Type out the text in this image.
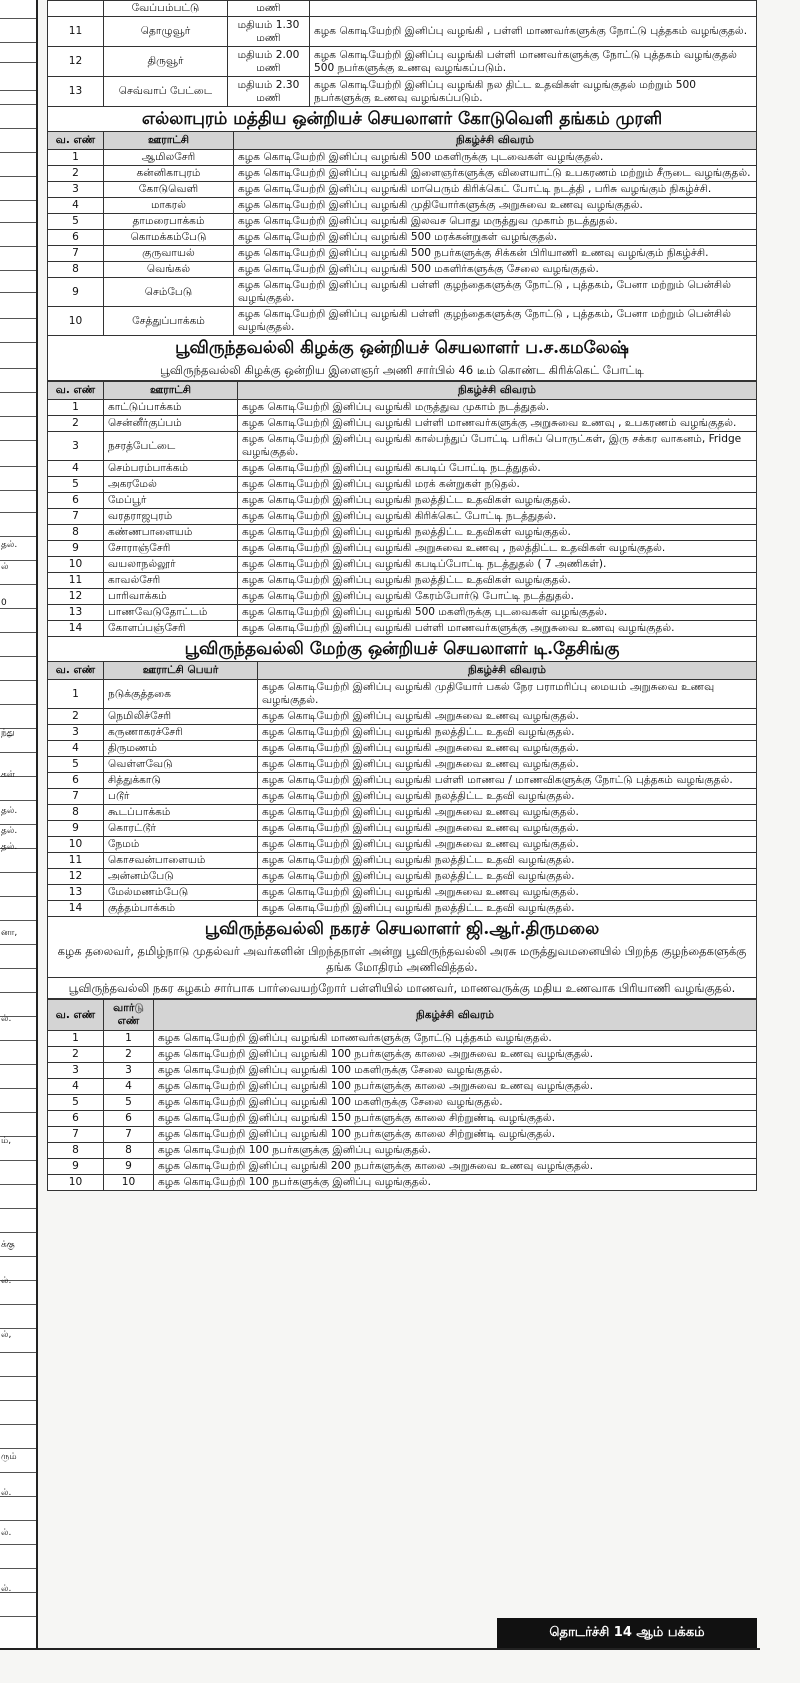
தல்.
ல்
0
ந்து
கள்
தல்.
தல்.
தல்.
னா,
ல்.
ம்,
க்கு
ல்.
ல்,
ரும்
ல்.
ல்.
ல்.
	வேப்பம்பட்டு	மணி	
11	தொழுவூர்	மதியம் 1.30 மணி	கழக கொடியேற்றி இனிப்பு வழங்கி , பள்ளி மாணவர்களுக்கு நோட்டு புத்தகம் வழங்குதல்.
12	திருவூர்	மதியம் 2.00 மணி	கழக கொடியேற்றி இனிப்பு வழங்கி பள்ளி மாணவர்களுக்கு நோட்டு புத்தகம் வழங்குதல் 500 நபர்களுக்கு உணவு வழங்கப்படும்.
13	செவ்வாப் பேட்டை	மதியம் 2.30 மணி	கழக கொடியேற்றி இனிப்பு வழங்கி நல திட்ட உதவிகள் வழங்குதல் மற்றும் 500 நபர்களுக்கு உணவு வழங்கப்படும்.
எல்லாபுரம் மத்திய ஒன்றியச் செயலாளர் கோடுவெளி தங்கம் முரளி
வ. எண்	ஊராட்சி	நிகழ்ச்சி விவரம்
1	ஆமிலசேரி	கழக கொடியேற்றி இனிப்பு வழங்கி 500 மகளிருக்கு புடவைகள் வழங்குதல்.
2	கன்னிகாபுரம்	கழக கொடியேற்றி இனிப்பு வழங்கி இளைஞர்களுக்கு விளையாட்டு உபகரணம் மற்றும் சீருடை வழங்குதல்.
3	கோடுவெளி	கழக கொடியேற்றி இனிப்பு வழங்கி மாபெரும் கிரிக்கெட் போட்டி நடத்தி , பரிசு வழங்கும் நிகழ்ச்சி.
4	மாகரல்	கழக கொடியேற்றி இனிப்பு வழங்கி முதியோர்களுக்கு அறுசுவை உணவு வழங்குதல்.
5	தாமரைபாக்கம்	கழக கொடியேற்றி இனிப்பு வழங்கி இலவச பொது மருத்துவ முகாம் நடத்துதல்.
6	கொமக்கம்பேடு	கழக கொடியேற்றி இனிப்பு வழங்கி 500 மரக்கன்றுகள் வழங்குதல்.
7	குருவாயல்	கழக கொடியேற்றி இனிப்பு வழங்கி 500 நபர்களுக்கு சிக்கன் பிரியாணி உணவு வழங்கும் நிகழ்ச்சி.
8	வெங்கல்	கழக கொடியேற்றி இனிப்பு வழங்கி 500 மகளிர்களுக்கு சேலை வழங்குதல்.
9	செம்பேடு	கழக கொடியேற்றி இனிப்பு வழங்கி பள்ளி குழந்தைகளுக்கு நோட்டு , புத்தகம், பேனா மற்றும் பென்சில் வழங்குதல்.
10	சேத்துப்பாக்கம்	கழக கொடியேற்றி இனிப்பு வழங்கி பள்ளி குழந்தைகளுக்கு நோட்டு , புத்தகம், பேனா மற்றும் பென்சில் வழங்குதல்.
பூவிருந்தவல்லி கிழக்கு ஒன்றியச் செயலாளர் ப.ச.கமலேஷ்
பூவிருந்தவல்லி கிழக்கு ஒன்றிய இளைஞர் அணி சார்பில் 46 டீம் கொண்ட கிரிக்கெட் போட்டி
வ. எண்	ஊராட்சி	நிகழ்ச்சி விவரம்
1	காட்டுப்பாக்கம்	கழக கொடியேற்றி இனிப்பு வழங்கி மருத்துவ முகாம் நடத்துதல்.
2	சென்னீர்குப்பம்	கழக கொடியேற்றி இனிப்பு வழங்கி பள்ளி மாணவர்களுக்கு அறுசுவை உணவு , உபகரணம் வழங்குதல்.
3	நசரத்பேட்டை	கழக கொடியேற்றி இனிப்பு வழங்கி கால்பந்துப் போட்டி பரிசுப் பொருட்கள், இரு சக்கர வாகனம், Fridge வழங்குதல்.
4	செம்பரம்பாக்கம்	கழக கொடியேற்றி இனிப்பு வழங்கி கபடிப் போட்டி நடத்துதல்.
5	அகரமேல்	கழக கொடியேற்றி இனிப்பு வழங்கி மரக் கன்றுகள் நடுதல்.
6	மேப்பூர்	கழக கொடியேற்றி இனிப்பு வழங்கி நலத்திட்ட உதவிகள் வழங்குதல்.
7	வரதராஜபுரம்	கழக கொடியேற்றி இனிப்பு வழங்கி கிரிக்கெட் போட்டி நடத்துதல்.
8	கண்ணபாளையம்	கழக கொடியேற்றி இனிப்பு வழங்கி நலத்திட்ட உதவிகள் வழங்குதல்.
9	சோராஞ்சேரி	கழக கொடியேற்றி இனிப்பு வழங்கி அறுசுவை உணவு , நலத்திட்ட உதவிகள் வழங்குதல்.
10	வயலாநல்லூர்	கழக கொடியேற்றி இனிப்பு வழங்கி கபடிப்போட்டி நடத்துதல் ( 7 அணிகள்).
11	காவல்சேரி	கழக கொடியேற்றி இனிப்பு வழங்கி நலத்திட்ட உதவிகள் வழங்குதல்.
12	பாரிவாக்கம்	கழக கொடியேற்றி இனிப்பு வழங்கி கேரம்போர்டு போட்டி நடத்துதல்.
13	பாணவேடுதோட்டம்	கழக கொடியேற்றி இனிப்பு வழங்கி 500 மகளிருக்கு புடவைகள் வழங்குதல்.
14	கோளப்பஞ்சேரி	கழக கொடியேற்றி இனிப்பு வழங்கி பள்ளி மாணவர்களுக்கு அறுசுவை உணவு வழங்குதல்.
பூவிருந்தவல்லி மேற்கு ஒன்றியச் செயலாளர் டி.தேசிங்கு
வ. எண்	ஊராட்சி பெயர்	நிகழ்ச்சி விவரம்
1	நடுக்குத்தகை	கழக கொடியேற்றி இனிப்பு வழங்கி முதியோர் பகல் நேர பராமரிப்பு மையம் அறுசுவை உணவு வழங்குதல்.
2	நெமிலிச்சேரி	கழக கொடியேற்றி இனிப்பு வழங்கி அறுசுவை உணவு வழங்குதல்.
3	கருணாகரச்சேரி	கழக கொடியேற்றி இனிப்பு வழங்கி நலத்திட்ட உதவி வழங்குதல்.
4	திருமணம்	கழக கொடியேற்றி இனிப்பு வழங்கி அறுசுவை உணவு வழங்குதல்.
5	வெள்ளவேடு	கழக கொடியேற்றி இனிப்பு வழங்கி அறுசுவை உணவு வழங்குதல்.
6	சித்துக்காடு	கழக கொடியேற்றி இனிப்பு வழங்கி பள்ளி மாணவ / மாணவிகளுக்கு நோட்டு புத்தகம் வழங்குதல்.
7	படூர்	கழக கொடியேற்றி இனிப்பு வழங்கி நலத்திட்ட உதவி வழங்குதல்.
8	கூடப்பாக்கம்	கழக கொடியேற்றி இனிப்பு வழங்கி அறுசுவை உணவு வழங்குதல்.
9	கொரட்டூர்	கழக கொடியேற்றி இனிப்பு வழங்கி அறுசுவை உணவு வழங்குதல்.
10	நேமம்	கழக கொடியேற்றி இனிப்பு வழங்கி அறுசுவை உணவு வழங்குதல்.
11	கொசவன்பாளையம்	கழக கொடியேற்றி இனிப்பு வழங்கி நலத்திட்ட உதவி வழங்குதல்.
12	அன்னம்பேடு	கழக கொடியேற்றி இனிப்பு வழங்கி நலத்திட்ட உதவி வழங்குதல்.
13	மேல்மணம்பேடு	கழக கொடியேற்றி இனிப்பு வழங்கி அறுசுவை உணவு வழங்குதல்.
14	குத்தம்பாக்கம்	கழக கொடியேற்றி இனிப்பு வழங்கி நலத்திட்ட உதவி வழங்குதல்.
பூவிருந்தவல்லி நகரச் செயலாளர் ஜி.ஆர்.திருமலை
கழக தலைவர், தமிழ்நாடு முதல்வர் அவர்களின் பிறந்தநாள் அன்று பூவிருந்தவல்லி அரசு மருத்துவமனையில் பிறந்த குழந்தைகளுக்கு தங்க மோதிரம் அணிவித்தல்.
பூவிருந்தவல்லி நகர கழகம் சார்பாக பார்வையற்றோர் பள்ளியில் மாணவர், மாணவருக்கு மதிய உணவாக பிரியாணி வழங்குதல்.
வ. எண்	வார்டு எண்	நிகழ்ச்சி விவரம்
1	1	கழக கொடியேற்றி இனிப்பு வழங்கி மாணவர்களுக்கு நோட்டு புத்தகம் வழங்குதல்.
2	2	கழக கொடியேற்றி இனிப்பு வழங்கி 100 நபர்களுக்கு காலை அறுசுவை உணவு வழங்குதல்.
3	3	கழக கொடியேற்றி இனிப்பு வழங்கி 100 மகளிருக்கு சேலை வழங்குதல்.
4	4	கழக கொடியேற்றி இனிப்பு வழங்கி 100 நபர்களுக்கு காலை அறுசுவை உணவு வழங்குதல்.
5	5	கழக கொடியேற்றி இனிப்பு வழங்கி 100 மகளிருக்கு சேலை வழங்குதல்.
6	6	கழக கொடியேற்றி இனிப்பு வழங்கி 150 நபர்களுக்கு காலை சிற்றுண்டி வழங்குதல்.
7	7	கழக கொடியேற்றி இனிப்பு வழங்கி 100 நபர்களுக்கு காலை சிற்றுண்டி வழங்குதல்.
8	8	கழக கொடியேற்றி 100 நபர்களுக்கு இனிப்பு வழங்குதல்.
9	9	கழக கொடியேற்றி இனிப்பு வழங்கி 200 நபர்களுக்கு காலை அறுசுவை உணவு வழங்குதல்.
10	10	கழக கொடியேற்றி 100 நபர்களுக்கு இனிப்பு வழங்குதல்.
தொடர்ச்சி 14 ஆம் பக்கம்
